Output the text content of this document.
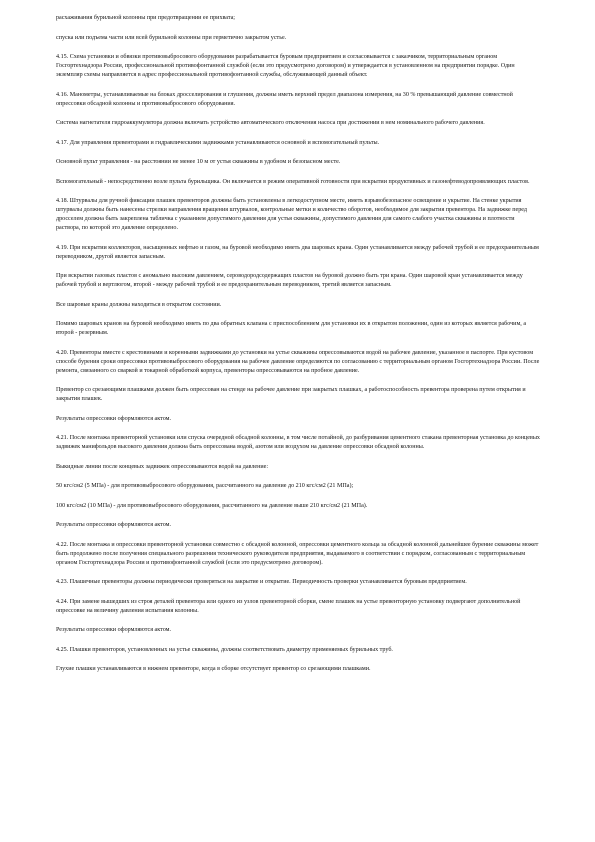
расхаживания бурильной колонны при предотвращении ее прихвата;

спуска или подъема части или всей бурильной колонны при герметично закрытом устье.

4.15. Схема установки и обвязки противовыбросового оборудования разрабатывается буровым предприятием и согласовывается с заказчиком, территориальным органом Госгортехнадзора России, профессиональной противофонтанной службой (если это предусмотрено договором) и утверждается в установленном на предприятии порядке. Один экземпляр схемы направляется в адрес профессиональной противофонтанной службы, обслуживающей данный объект.

4.16. Манометры, устанавливаемые на блоках дросселирования и глушения, должны иметь верхний предел диапазона измерения, на 30 % превышающий давление совместной опрессовки обсадной колонны и противовыбросового оборудования.

Система нагнетателя гидроаккумулятора должна включать устройство автоматического отключения насоса при достижении в нем номинального рабочего давления.

4.17. Для управления превенторами и гидравлическими задвижками устанавливаются основной и вспомогательный пульты.

Основной пульт управления - на расстоянии не менее 10 м от устья скважины в удобном и безопасном месте.

Вспомогательный - непосредственно возле пульта бурильщика. Он включается в режим оперативной готовности при вскрытии продуктивных и газонефтеводопроявляющих пластов.

4.18. Штурвалы для ручной фиксации плашек превенторов должны быть установлены в легкодоступном месте, иметь взрывобезопасное освещение и укрытие. На стенке укрытия штурвалы должны быть нанесены стрелки направления вращения штурвалов, контрольные метки и количество оборотов, необходимое для закрытия превентора. На задвижке перед дросселем должна быть закреплена табличка с указанием допустимого давления для устья скважины, допустимого давления для самого слабого участка скважины и плотности раствора, по которой это давление определено.

4.19. При вскрытии коллекторов, насыщенных нефтью и газом, на буровой необходимо иметь два шаровых крана. Один устанавливается между рабочей трубой и ее предохранительным переводником, другой является запасным.

При вскрытии газовых пластов с аномально высоким давлением, сероводородсодержащих пластов на буровой должно быть три крана. Один шаровой кран устанавливается между рабочей трубой и вертлюгом, второй - между рабочей трубой и ее предохранительным переводником, третий является запасным.

Все шаровые краны должны находиться в открытом состоянии.

Помимо шаровых кранов на буровой необходимо иметь по два обратных клапана с приспособлением для установки их в открытом положении, один из которых является рабочим, а второй - резервным.

4.20. Превенторы вместе с крестовинами и коренными задвижками до установки на устье скважины опрессовываются водой на рабочее давление, указанное в паспорте. При кустовом способе бурения сроки опрессовки противовыбросового оборудования на рабочее давление определяются по согласованию с территориальным органом Госгортехнадзора России. После ремонта, связанного со сваркой и токарной обработкой корпуса, превенторы опрессовываются на пробное давление.

Превентор со срезающими плашками должен быть опрессован на стенде на рабочее давление при закрытых плашках, а работоспособность превентора проверена путем открытия и закрытия плашек.

Результаты опрессовки оформляются актом.

4.21. После монтажа превенторной установки или спуска очередной обсадной колонны, в том числе потайной, до разбуривания цементного стакана превенторная установка до концевых задвижек манифольдов высокого давления должна быть опрессована водой, азотом или воздухом на давление опрессовки обсадной колонны.

Выкидные линии после концевых задвижек опрессовываются водой на давление:

50 кгс/см2 (5 МПа) - для противовыбросового оборудования, рассчитанного на давление до 210 кгс/см2 (21 МПа);

100 кгс/см2 (10 МПа) - для противовыбросового оборудования, рассчитанного на давление выше 210 кгс/см2 (21 МПа).

Результаты опрессовки оформляются актом.

4.22. После монтажа и опрессовки превенторной установки совместно с обсадной колонной, опрессовки цементного кольца за обсадной колонной дальнейшее бурение скважины может быть продолжено после получения специального разрешения технического руководителя предприятия, выдаваемого в соответствии с порядком, согласованным с территориальным органом Госгортехнадзора России и противофонтанной службой (если это предусмотрено договором).

4.23. Плашечные превенторы должны периодически проверяться на закрытие и открытие. Периодичность проверки устанавливается буровым предприятием.

4.24. При замене вышедших из строя деталей превентора или одного из узлов превенторной сборки, смене плашек на устье превенторную установку подвергают дополнительной опрессовке на величину давления испытания колонны.

Результаты опрессовки оформляются актом.

4.25. Плашки превенторов, установленных на устье скважины, должны соответствовать диаметру применяемых бурильных труб.

Глухие плашки устанавливаются в нижнем превенторе, когда в сборке отсутствует превентор со срезающими плашками.
